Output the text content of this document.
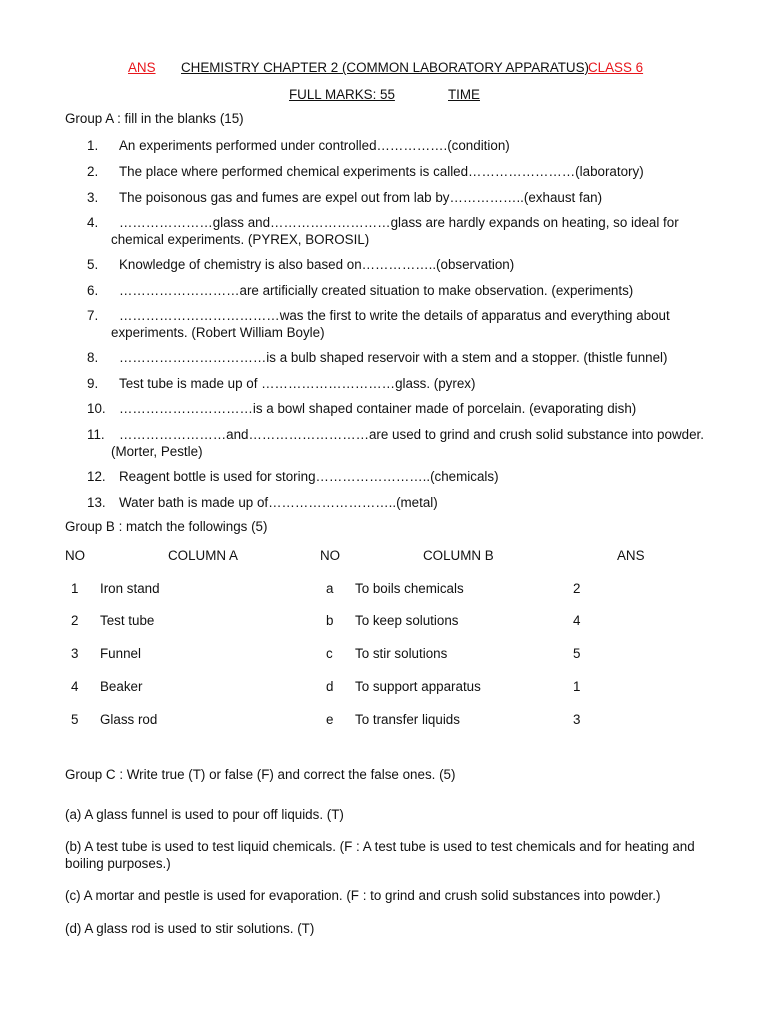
ANS CHEMISTRY CHAPTER 2 (COMMON LABORATORY APPARATUS) CLASS 6
FULL MARKS: 55	TIME
Group A : fill in the blanks (15)
1.	An experiments performed under controlled…………….(condition)
2.	The place where performed chemical experiments is called……………………(laboratory)
3.	The poisonous gas and fumes are expel out from lab by……………..(exhaust fan)
4.	…………………glass and………………………glass are hardly expands on heating, so ideal for chemical experiments. (PYREX, BOROSIL)
5.	Knowledge of chemistry is also based on……………..(observation)
6.	………………………are artificially created situation to make observation. (experiments)
7.	………………………………was the first to write the details of apparatus and everything about experiments. (Robert William Boyle)
8.	……………………………is a bulb shaped reservoir with a stem and a stopper. (thistle funnel)
9.	Test tube is made up of …………………………glass. (pyrex)
10. …………………………is a bowl shaped container made of porcelain. (evaporating dish)
11.	……………………and………………………are used to grind and crush solid substance into powder. (Morter, Pestle)
12. Reagent bottle is used for storing……………………..(chemicals)
13. Water bath is made up of………………………..(metal)
Group B : match the followings (5)
NO	COLUMN A	NO	COLUMN B	ANS
1 Iron stand	a To boils chemicals	2
2 Test tube	b To keep solutions	4
3 Funnel	c To stir solutions	5
4 Beaker	d To support apparatus	1
5 Glass rod	e To transfer liquids	3
Group C : Write true (T) or false (F) and correct the false ones. (5)
(a) A glass funnel is used to pour off liquids. (T)
(b) A test tube is used to test liquid chemicals. (F : A test tube is used to test chemicals and for heating and boiling purposes.)
(c) A mortar and pestle is used for evaporation. (F : to grind and crush solid substances into powder.)
(d) A glass rod is used to stir solutions. (T)
